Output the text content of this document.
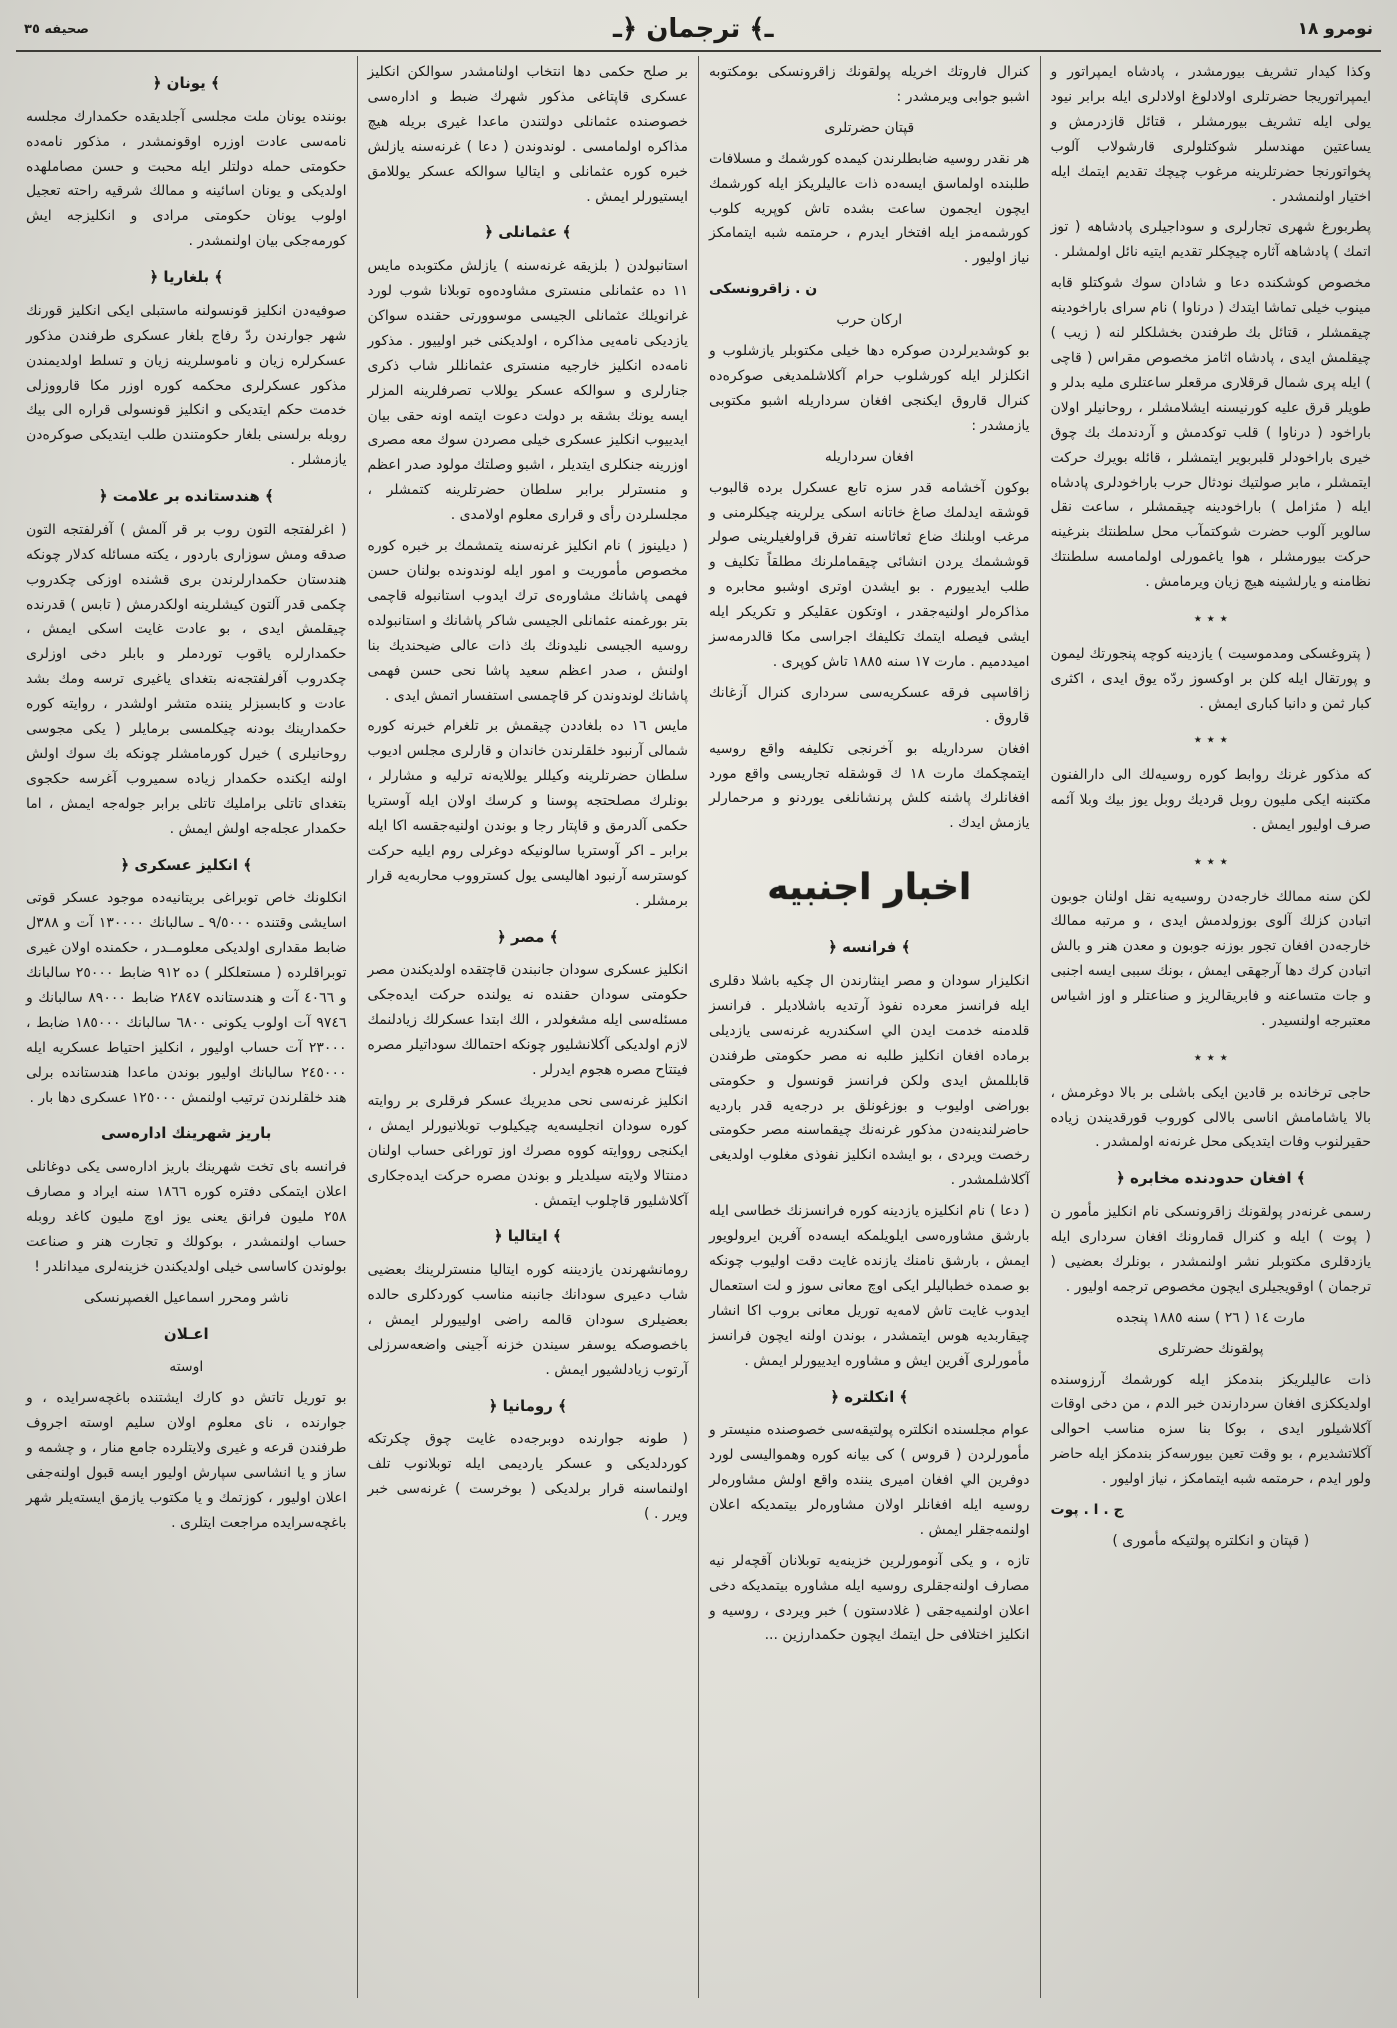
نومرو ١٨
ـ﴾ ترجمان ﴿ـ
صحيفه ٣٥
وكذا كيدار تشريف بيورمشدر ، پادشاه ايمپراتور و ايمپراتوريجا حضرتلرى اولادلوغ اولادلرى ايله برابر نيود يولى ايله تشريف بيورمشلر ، قتائل قازدرمش و يساعتين مهندسلر شوكتلولرى قارشولاب آلوب پخواتورنجا حضرتلرينه مرغوب چيچك تقديم ايتمك ايله اختيار اولنمشدر .
پطربورغ شهرى تجارلرى و سوداجيلرى پادشاهه ( توز اتمك ) پادشاهه آثاره چيچكلر تقديم ايتيه نائل اولمشلر .
مخصوص كوشكنده دعا و شادان سوك شوكتلو قابه مينوب خيلى تماشا ايتدك ( درناوا ) نام سراى باراخودينه چيقمشلر ، قتائل بك طرفندن بخشلكلر لنه ( زيب ) چيقلمش ايدى ، پادشاه اثامز مخصوص مقراس ( قاچى ) ايله پرى شمال قرقلارى مرقعلر ساعتلرى مليه بدلر و طويلر قرق عليه كورنيسنه ايشلامشلر ، روحانيلر اولان باراخود ( درناوا ) قلب توكدمش و آردندمك بك چوق خيرى باراخودلر قلبربوير ايتمشلر ، قائله بويرك حركت ايتمشلر ، مابر صولتيك نودثال حرب باراخودلرى پادشاه ايله ( مئزامل ) باراخودينه چيقمشلر ، ساعت نقل سالوير آلوب حضرت شوكتمآب محل سلطنتك بنرغينه حركت بيورمشلر ، هوا ياغمورلى اولمامسه سلطنتك نظامنه و يارلشينه هيچ زيان ويرمامش .
٭ ٭ ٭
( پتروغسكى ومدموسيت ) يازدينه كوچه پنجورتك ليمون و پورتقال ايله كلن بر اوكسوز ردّه يوق ايدى ، اكثرى كبار ثمن و دانبا كبارى ايمش .
٭ ٭ ٭
كه مذكور غرنك روابط كوره روسيه‌لك الى دارالفنون مكتبنه ايكى مليون روبل قرديك روبل يوز بيك وبلا آئمه صرف اوليور ايمش .
٭ ٭ ٭
لكن سنه ممالك خارجه‌دن روسيه‌يه نقل اولنان جوبون اتبادن كزلك آلوى بوزولدمش ايدى ، و مرتبه ممالك خارجه‌دن افغان تجور بوزنه جوبون و معدن هنر و بالش اتبادن كرك دها آرجهقى ايمش ، بونك سببى ايسه اجنبى و جات متساعنه و فابريقالريز و صناعتلر و اوز اشياس معتبرجه اولنسيدر .
٭ ٭ ٭
حاجى ترخانده بر قادين ايكى باشلى بر بالا دوغرمش ، بالا ياشامامش اناسى بالالى كوروب قورقديندن زياده حقيرلنوب وفات ايتديكى محل غرنه‌نه اولمشدر .
﴾ افغان حدودنده مخابره ﴿
رسمى غرنه‌در پولقونك زاقرونسكى نام انكليز مأمور ن ( پوت ) ايله و كنرال قمارونك افغان سردارى ايله يازدقلرى مكتوبلر نشر اولنمشدر ، بونلرك بعضيى ( ترجمان ) اوقويجيلرى ايچون مخصوص ترجمه اوليور .
مارت ١٤ ( ٢٦ ) سنه ١٨٨٥ پنجده
پولقونك حضرتلرى
ذات عاليلريكز بندمكز ايله كورشمك آرزوسنده اولديككزى افغان سردارندن خبر الدم ، من دخى اوقات آكلاشيلور ايدى ، بوكا بنا سزه مناسب احوالى آكلاتشديرم ، بو وقت تعين بيورسه‌كز بندمكز ايله حاضر ولور ايدم ، حرمتمه شبه ايتمامكز ، نياز اوليور .
ج . ا . پوت
( قپتان و انكلتره پولتيكه مأمورى )
كنرال فاروتك اخريله پولقونك زاقرونسكى بومكتوبه اشبو جوابى ويرمشدر :
قپتان حضرتلرى
هر نقدر روسيه ضابطلرندن كيمده كورشمك و مسلافات طلبنده اولماسق ايسه‌ده ذات عاليلريكز ايله كورشمك ايچون ايجمون ساعت بشده تاش كوپريه كلوب كورشمه‌مز ايله افتخار ايدرم ، حرمتمه شبه ايتمامكز نياز اوليور .
ن . زاقرونسكى
اركان حرب
بو كوشديرلردن صوكره دها خيلى مكتوبلر يازشلوب و انكلزلر ايله كورشلوب حرام آكلاشلمديغى صوكره‌ده كنرال قاروق ايكنجى افغان سرداريله اشبو مكتوبى يازمشدر :
افغان سرداريله
بوكون آخشامه قدر سزه تابع عسكرل برده قالبوب قوشقه ايدلمك صاغ خاتانه اسكى يرلرينه چيكلرمنى و مرغب اوبلنك ضاع ثعاثاسنه تفرق قراولغيلرينى صولر قوششمك يردن انشائى چيقماملرنك مطلقاً تكليف و طلب ايدييورم . بو ايشدن اوترى اوشبو محابره و مذاكره‌لر اولنيه‌جقدر ، اوتكون عقليكر و تكريكر ايله ايشى فيصله ايتمك تكليفك اجراسى مكا قالدرمه‌سز اميددميم . مارت ١٧ سنه ١٨٨٥ تاش كوپرى .
زاقاسپى فرقه عسكريه‌سى سردارى كنرال آزغانك قاروق .
افغان سرداريله بو آخرنجى تكليفه واقع روسيه ايتمچكمك مارت ١٨ ك قوشقله تجاريسى واقع مورد افغانلرك پاشنه كلش پرنشانلغى يوردنو و مرحمارلر يازمش ايدك .
اخبار اجنبيه
﴾ فرانسه ﴿
انكليزار سودان و مصر اينثارندن ال چكيه باشلا دقلرى ايله فرانسز معرده نفوذ آرتديه باشلاديلر . فرانسز قلدمنه خدمت ايدن الي اسكندريه غرنه‌سى يازديلى برماده افغان انكليز طلبه نه مصر حكومتى طرفندن قابللمش ايدى ولكن فرانسز قونسول و حكومتى بوراضى اوليوب و بوزغونلق بر درجه‌يه قدر بارديه حاضرلندينه‌دن مذكور غرنه‌نك چيقماسنه مصر حكومتى رخصت ويردى ، بو ايشده انكليز نفوذى مغلوب اولديغى آكلاشلمشدر .
( دعا ) نام انكليزه يازدينه كوره فرانسزنك خطاسى ايله بارشق مشاوره‌سى ايلويلمكه ايسه‌ده آفرين ايرولويور ايمش ، بارشق نامنك يازنده غايت دقت اوليوب چونكه بو صمده خطباليلر ايكى اوچ معانى سوز و لت استعمال ايدوب غايت تاش لامه‌يه توريل معانى بروب اكا انشار چيقاربديه هوس ايتمشدر ، بوندن اولنه ايچون فرانسز مأمورلرى آفرين ايش و مشاوره ايدييورلر ايمش .
﴾ انكلتره ﴿
عوام مجلسنده انكلتره پولتيقه‌سى خصوصنده منيستر و مأمورلردن ( قروس ) كى بيانه كوره وهمواليسى لورد دوفرين الي افغان اميرى يننده واقع اولش مشاوره‌لر روسيه ايله افغانلر اولان مشاوره‌لر بيتمديكه اعلان اولنمه‌جقلر ايمش .
تازه ، و يكى آنومورلرين خزينه‌يه توبلانان آقچه‌لر نيه مصارف اولنه‌جقلرى روسيه ايله مشاوره بيتمديكه دخى اعلان اولنميه‌جقى ( غلادستون ) خبر ويردى ، روسيه و انكليز اختلافى حل ايتمك ايچون حكمدارزين ...
بر صلح حكمى دها انتخاب اولنامشدر سوالكن انكليز عسكرى قاپتاغى مذكور شهرك ضبط و اداره‌سى خصوصنده عثمانلى دولتندن ماعدا غيرى بريله هيچ مذاكره اولمامسى . لوندوندن ( دعا ) غرنه‌سنه يازلش خبره كوره عثمانلى و ايتاليا سوالكه عسكر يوللامق ايستيورلر ايمش .
﴾ عثمانلى ﴿
استانبولدن ( بلزيقه غرنه‌سنه ) يازلش مكتوبده مايس ١١ ده عثمانلى منسترى مشاوده‌وه توبلانا شوب لورد غرانويلك عثمانلى الجيسى موسوورتى حقنده سواكن يازديكى نامه‌يى مذاكره ، اولديكنى خبر اولييور . مذكور نامه‌ده انكليز خارجيه منسترى عثمانللر شاب ذكرى جنارلرى و سوالكه عسكر يوللاب تصرفلرينه المزلر ايسه يونك بشقه بر دولت دعوت ايتمه اونه حقى بيان ايدييوب انكليز عسكرى خيلى مصردن سوك معه مصرى اوزرينه جنكلرى ايتديلر ، اشبو وصلتك مولود صدر اعظم و منسترلر برابر سلطان حضرتلرينه كتمشلر ، مجلسلردن رأى و قرارى معلوم اولامدى .
( ديلينوز ) نام انكليز غرنه‌سنه يتمشمك بر خبره كوره مخصوص مأموريت و امور ايله لوندونده بولنان حسن فهمى پاشانك مشاوره‌ى ترك ايدوب استانبوله قاچمى بتر بورغمنه عثمانلى الجيسى شاكر پاشانك و استانبولده روسيه الجيسى نليدونك بك ذات عالى ضيحنديك بنا اولنش ، صدر اعظم سعيد پاشا نحى حسن فهمى پاشانك لوندوندن كر قاچمسى استفسار اتمش ايدى .
مايس ١٦ ده بلغاددن چيقمش بر تلغرام خبرنه كوره شمالى آرنبود خلقلرندن خاندان و قارلرى مجلس اديوب سلطان حضرتلرينه وكيللر يوللايه‌نه ترليه و مشارلر ، بونلرك مصلحتجه پوسنا و كرسك اولان ايله آوستريا حكمى آلدرمق و قاپتار رجا و بوندن اولنيه‌جقسه اكا ايله برابر ـ اكر آوستريا سالونيكه دوغرلى روم ايليه حركت كوسترسه آرنبود اهاليسى يول كسترووب محاربه‌يه قرار برمشلر .
﴾ مصر ﴿
انكليز عسكرى سودان جانبندن قاچتقده اولديكندن مصر حكومتى سودان حقنده نه يولنده حركت ايده‌جكى مسئله‌سى ايله مشغولدر ، الك ابتدا عسكرلك زيادلنمك لازم اولديكى آكلانشليور چونكه احتمالك سوداتيلر مصره فيتتاح مصره هجوم ايدرلر .
انكليز غرنه‌سى نحى مديريك عسكر فرقلرى بر روايته كوره سودان انجليسه‌يه چيكيلوب توبلانيورلر ايمش ، ايكنجى رووايته كووه مصرك اوز توراغى حساب اولنان دمنتالا ولايته سيلديلر و بوندن مصره حركت ايده‌جكارى آكلاشليور قاچلوب ايتمش .
﴾ ايتاليا ﴿
رومانشهرندن يازديننه كوره ايتاليا منسترلرينك بعضيى شاب دعيرى سودانك جانبنه مناسب كوردكلرى حالده بعضيلرى سودان قالمه راضى اولييورلر ايمش ، باخصوصكه يوسفر سيندن خزنه آجينى واضعه‌سرزلى آرتوب زيادلشيور ايمش .
﴾ رومانيا ﴿
( طونه جوارنده دوبرجه‌ده غايت چوق چكرتكه كوردلديكى و عسكر يارديمى ايله توبلانوب تلف اولنماسنه قرار برلديكى ( بوخرست ) غرنه‌سى خبر ويرر . )
﴾ يونان ﴿
بوننده يونان ملت مجلسى آجلديقده حكمدارك مجلسه نامه‌سى عادت اوزره اوقونمشدر ، مذكور نامه‌ده حكومتى حمله دولتلر ايله محبت و حسن مصاملهده اولديكى و يونان اسائينه و ممالك شرقيه راحته تعجيل اولوب يونان حكومتى مرادى و انكليزجه ايش كورمه‌جكى بيان اولنمشدر .
﴾ بلغاريا ﴿
صوفيه‌دن انكليز قونسولنه ماستبلى ايكى انكليز قورنك شهر جوارندن ردّ رفاج بلغار عسكرى طرفندن مذكور عسكرلره زيان و ناموسلرينه زيان و تسلط اولديمندن مذكور عسكرلرى محكمه كوره اوزر مكا قارووزلى خدمت حكم ايتديكى و انكليز قونسولى قراره الى بيك روبله برلسنى بلغار حكومتندن طلب ايتديكى صوكره‌دن يازمشلر .
﴾ هندستانده بر علامت ﴿
( اغرلفتجه التون روب بر قر آلمش ) آفرلفتجه التون صدقه ومش سوزارى باردور ، يكته مسائله كدلار چونكه هندستان حكمدارلرندن برى قشنده اوزكى چكدروب چكمى قدر آلتون كيشلرينه اولكدرمش ( تابس ) قدرنده چيقلمش ايدى ، بو عادت غايت اسكى ايمش ، حكمدارلره ياقوب توردملر و بابلر دخى اوزلرى چكدروب آفرلفتجه‌نه بتغداى ياغيرى ترسه ومك بشد عادت و كابسبزلر يننده متشر اولشدر ، روايته كوره حكمدارينك بودنه چيكلمسى برمايلر ( يكى مجوسى روحانيلرى ) خيرل كورمامشلر چونكه بك سوك اولش اولنه ايكنده حكمدار زياده سميروب آغرسه حكجوى بتغداى تاتلى برامليك تاتلى برابر جوله‌جه ايمش ، اما حكمدار عجله‌جه اولش ايمش .
﴾ انكليز عسكرى ﴿
انكلونك خاص توبراغى بريتانيه‌ده موجود عسكر قوتى اسايشى وقتنده ٩/٥٠٠٠ ـ سالبانك ١٣٠٠٠٠ آت و ٣٨٨ل ضابط مقدارى اولديكى معلومــدر ، حكمنده اولان غيرى توبراقلرده ( مستعلكلر ) ده ٩١٢ ضابط ٢٥٠٠٠ سالبانك و ٤٠٦٦ آت و هندستانده ٢٨٤٧ ضابط ٨٩٠٠٠ سالبانك و ٩٧٤٦ آت اولوب يكونى ٦٨٠٠ سالبانك ١٨٥٠٠٠ ضابط ، ٢٣٠٠٠ آت حساب اوليور ، انكليز احتياط عسكريه ايله ٢٤٥٠٠٠ سالبانك اوليور بوندن ماعدا هندستانده برلى هند خلقلرندن ترتيب اولنمش ١٢٥٠٠٠ عسكرى دها بار .
باريز شهرينك اداره‌سى
فرانسه باى تخت شهرينك باريز اداره‌سى يكى دوغانلى اعلان ايتمكى دفتره كوره ١٨٦٦ سنه ايراد و مصارف ٢٥٨ مليون فرانق يعنى يوز اوچ مليون كاغد روبله حساب اولنمشدر ، بوكولك و تجارت هنر و صناعت بولوندن كاساسى خيلى اولديكندن خزينه‌لرى ميدانلدر !
ناشر ومحرر اسماعيل الغصپرنسكى
اعـلان
اوسته
بو توريل تاتش دو كارك ايشتنده باغچه‌سرايده ، و جوارنده ، ناى معلوم اولان سليم اوسته اجروف طرفندن قرعه و غيرى ولايتلرده جامع منار ، و چشمه و ساز و يا انشاسى سپارش اوليور ايسه قبول اولنه‌جفى اعلان اوليور ، كوزتمك و يا مكتوب يازمق ايسته‌يلر شهر باغچه‌سرايده مراجعت ايتلرى .
